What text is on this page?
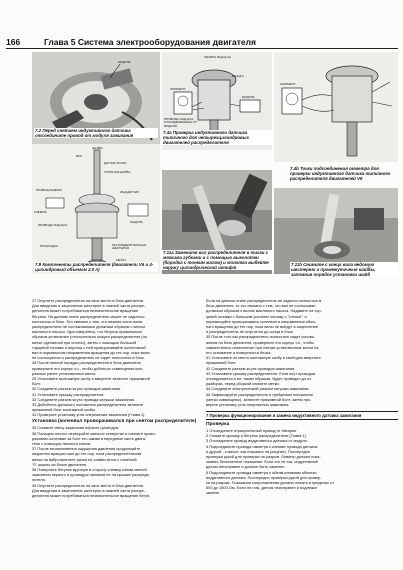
166	Глава 5 Система электрооборудования двигателя
МОДУЛЬ
7.2 Перед снятием индуктивного датчика отсоедините провод от модуля зажигания
СБОРКА ИНД.Д.КА
ИНД.Д.К
ОМОМЕТР
МОДУЛЬ
ПРОВОДА ИНД.Д.КА, ОТСОЕДИНЕННЫЕ ОТ МОДУЛЯ
7.4а Проверка индуктивного датчика типичного для четырехцилиндровых двигателей распределителя
ОМОМЕТР
7.4b Точки подсоединения омметра для проверки индуктивного датчика типичного распределителя двигателей V6
ШАЙБА
ВАЛ
ДАТЧИК ХОЛЛА
УПОРНАЯ ШАЙБА
ПРОВОД ЗАЗЕМЛ.
КЛЕММА
ИНД.ДАТЧИК
МОДУЛЬ
ПРОВОДА ИНД.Д.КА
РАСПРЕДЕЛИТЕЛЬНАЯ ШЕСТЕРНЯ
ПРОКЛАДКА
МЕТКА
7.9 Компоненты распределителя (двигатели V6 и 4-цилиндровый объемом 2.0 л)
7.11a Замените вал распределителя в тиски с мягкими губками и с помощью выколотки (бородка с тонким жалом) и молотка выбейте наружу цилиндрический штифт
7.11b Снимите с конца вала ведомую шестерню и промежуточные шайбы, запомнив порядок установки шайб

27 Опустите распределитель на свое место в блок двигателя.

Для введения в зацепление шестерни в нижней части распре-

делителя может потребоваться незначительное вращение

бегунка. На данном этапе распределитель может не садиться

полностью в блок. Это связано с тем, что нижняя часть вала

распределителя не состыковалась должным образом с валом

масляного насоса. Удостоверьтесь, что бегунок правильным

образом установлен (относительно кожуха распределителя (по

метке сделанной при снятии), затем с помощью большой

торцевой головки и воротка с ней проворачивайте коленчатый

вал в нормальном направлении вращения до тех пор, пока валы

не состыкуются и распределитель не сядет полностью в блок.

28 После полной посадки распределителя в блок двигателя

проверните его корпус т.о., чтобы добиться совмещения мон-

ражных ранее установочных меток.

29 Установите монтажную скобу и ввернете затяните прижимной

болт.

30 Соедините разъем жгута проводов зажигания.

31 Установите крышку распределителя.

32 Соедините разъем жгута провода катушки зажигания.

33 Добейтесь должного положения распределителя затяните

прижимной болт монтажной скобы.

34 Проверьте установку угла опережения зажигания (Глава 1).

Установка (коленвал проворачивался при снятом распределителе)

35 Снимите свечу зажигания первого цилиндра.

36 Пальцем плотно перекройте свечное отверстие и начните прово-

рачивать коленвал за болт его шкива в переднюю часть двига-

теля с помощью гаечного ключа.

37 После возникновения ощущения давления продолжайте

медленно вращать вал до тех пор, пока распределительная

метка на виброгасителе риска не совместится с отметкой

"0" шкалы на блоке двигателя.

38 Поверните бегунок вручную в сторону клемму клеми свечей

зажигания первого и цилиндра/ запомни ее на крышке распреде-

лителя.

39 Опустите распределитель на свое место в блок двигателя.

Для введения в зацепление шестерни в нижней части распре-

делителя может потребоваться незначительное вращение бегун-

Если на данном этапе распределитель не садится полностью в

блок двигателя, то это связано с тем, что вал не состыкован

должным образом с валом масляного насоса. Надавите на тор-

цевой головки с большим усилием головку о "стенки", и

перемещайте проворачивать коленвал в направлении обыч-

ного вращения до тех пор, пока валы не войдут в зацепление

и распределитель не опустится до конца в блок.

40 После того как распределитель полностью сядет осново-

анием на блок двигателя, проверните его корпус т.о., чтобы

совместились нанесенные при снятии установочные метки на

его основание и поверхности блока.

41 Установите на место монтажную скобу и свободно вверните

прижимной болт.

42 Соедините разъем жгута проводов зажигания.

43 Установите крышку распределителя. Если жгут проводов

отсоединяется и ее, таким образом, будет проведен до их

разборки, перед сборкой снимите метки.

44 Соедините электрический разъем катушки зажигания.

45 Зафиксируйте распределитель в требуемом положении

(метки совмещены), затяните прижимной болт, затем про-

верьте установку угла опережения зажигания.

7 Проверка функционирования и замена индуктивного датчика зажигания
Проверка

1 Отсоедините отрицательный провод от батареи.

2 Снимите крышку и бегунок распределителя (Глава 1).

3 Отсоедините провод индуктивного датчика от модуля.

4 Подсоедините провода омметра к клемме провода датчика,

а другой - к массе, как показано на рисунке). Поочередно

проверка рукой для проверки на разрыв. Омметр должен пока-

зывать бесконечное показание. Если это не так, индуктивный

датчик неисправен и должен быть заменен.

5 Подсоедините провода омметра к обеим клеммам обмотки

индуктивного датчика. Поочередно проверка рукой для провер-

ки на разрыв. Показания сопротивления должно лежать в пределах от

500 до 1500 Ом. Если это так, датчик неисправен и подлежит

замене.
